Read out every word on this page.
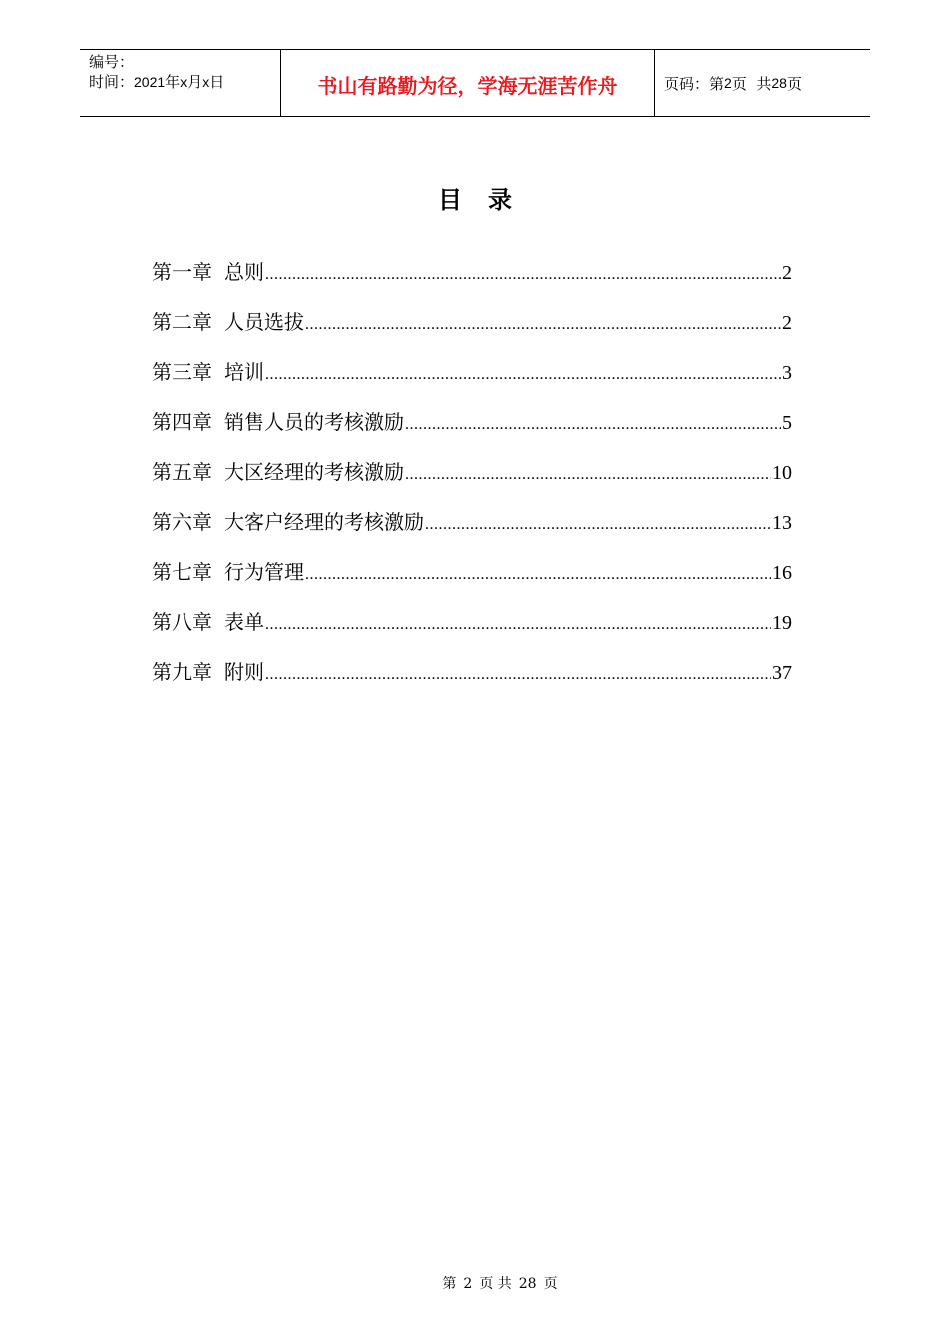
编号：
时间：2021年x月x日	书山有路勤为径，学海无涯苦作舟	页码：第 2 页  共 28 页
目录
第一章 总则 .....	2
第二章 人员选拔 .....	2
第三章 培训 .....	3
第四章 销售人员的考核激励 .....	5
第五章 大区经理的考核激励 .....	10
第六章 大客户经理的考核激励 .....	13
第七章 行为管理 .....	16
第八章 表单 .....	19
第九章 附则 .....	37
第 2 页 共 28 页
